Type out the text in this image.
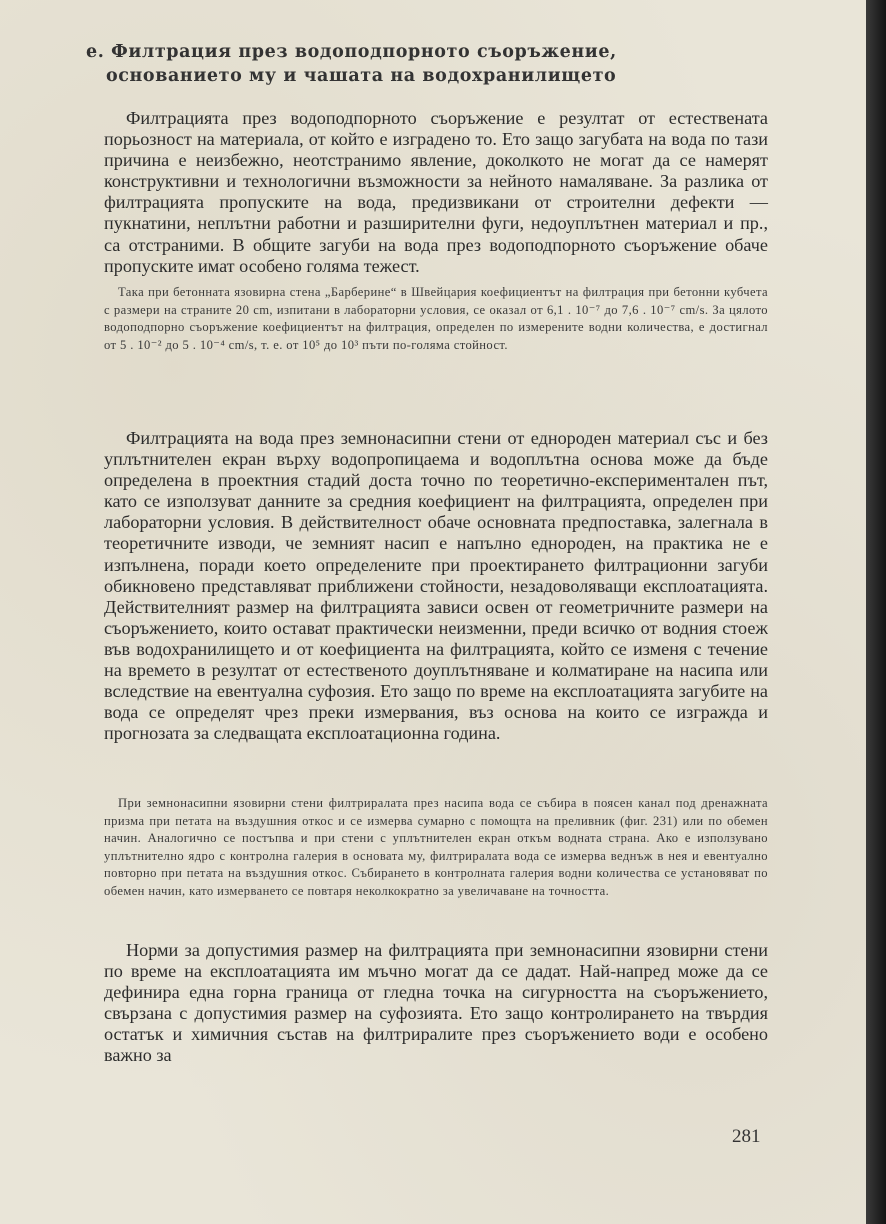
е. Филтрация през водоподпорното съоръжение,
основанието му и чашата на водохранилището

Филтрацията през водоподпорното съоръжение е резултат от естествената порьозност на материала, от който е изградено то. Ето защо загубата на вода по тази причина е неизбежно, неотстранимо явление, доколкото не могат да се намерят конструктивни и технологични възможности за нейното намаляване. За разлика от филтрацията пропуските на вода, предизвикани от строителни дефекти — пукнатини, неплътни работни и разширителни фуги, недоуплътнен материал и пр., са отстраними. В общите загуби на вода през водоподпорното съоръжение обаче пропуските имат особено голяма тежест.

Така при бетонната язовирна стена „Барберине“ в Швейцария коефициентът на филтрация при бетонни кубчета с размери на страните 20 cm, изпитани в лабораторни условия, се оказал от 6,1 . 10⁻⁷ до 7,6 . 10⁻⁷ cm/s. За цялото водоподпорно съоръжение коефициентът на филтрация, определен по измерените водни количества, е достигнал от 5 . 10⁻² до 5 . 10⁻⁴ cm/s, т. е. от 10⁵ до 10³ пъти по-голяма стойност.

Филтрацията на вода през земнонасипни стени от еднороден материал със и без уплътнителен екран върху водопропицаема и водоплътна основа може да бъде определена в проектния стадий доста точно по теоретично-експериментален път, като се използуват данните за средния коефициент на филтрацията, определен при лабораторни условия. В действителност обаче основната предпоставка, залегнала в теоретичните изводи, че земният насип е напълно еднороден, на практика не е изпълнена, поради което определените при проектирането филтрационни загуби обикновено представляват приближени стойности, незадоволяващи експлоатацията. Действителният размер на филтрацията зависи освен от геометричните размери на съоръжението, които остават практически неизменни, преди всичко от водния стоеж във водохранилището и от коефициента на филтрацията, който се изменя с течение на времето в резултат от естественото доуплътняване и колматиране на насипа или вследствие на евентуална суфозия. Ето защо по време на експлоатацията загубите на вода се определят чрез преки измервания, въз основа на които се изгражда и прогнозата за следващата експлоатационна година.

При земнонасипни язовирни стени филтриралата през насипа вода се събира в поясен канал под дренажната призма при петата на въздушния откос и се измерва сумарно с помощта на преливник (фиг. 231) или по обемен начин. Аналогично се постъпва и при стени с уплътнителен екран откъм водната страна. Ако е използувано уплътнително ядро с контролна галерия в основата му, филтриралата вода се измерва веднъж в нея и евентуално повторно при петата на въздушния откос. Събирането в контролната галерия водни количества се установяват по обемен начин, като измерването се повтаря неколкократно за увеличаване на точността.

Норми за допустимия размер на филтрацията при земнонасипни язовирни стени по време на експлоатацията им мъчно могат да се дадат. Най-напред може да се дефинира една горна граница от гледна точка на сигурността на съоръжението, свързана с допустимия размер на суфозията. Ето защо контролирането на твърдия остатък и химичния състав на филтриралите през съоръжението води е особено важно за

281
